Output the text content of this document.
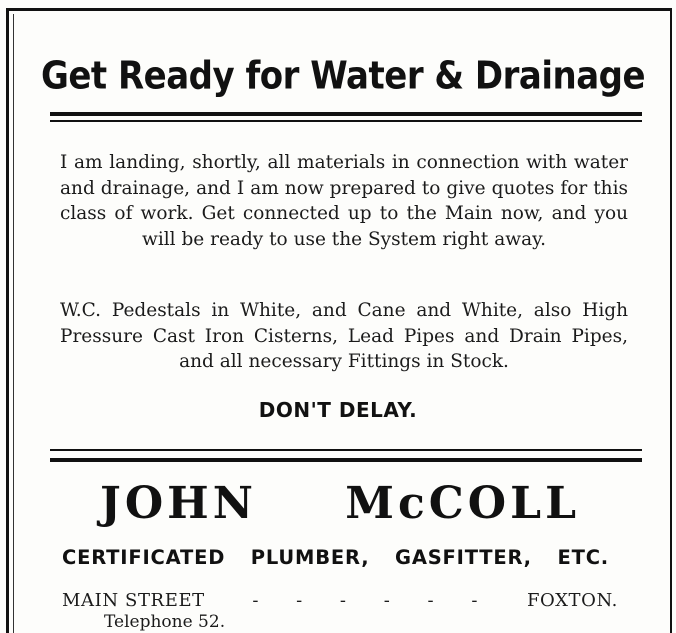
Get Ready for Water & Drainage
I am landing, shortly, all materials in connection with water and drainage, and I am now prepared to give quotes for this class of work. Get connected up to the Main now, and you will be ready to use the System right away.
W.C. Pedestals in White, and Cane and White, also High Pressure Cast Iron Cisterns, Lead Pipes and Drain Pipes, and all necessary Fittings in Stock.
DON'T DELAY.
JOHN McCOLL
CERTIFICATED PLUMBER, GASFITTER, ETC.
MAIN STREET	- - - - - -	FOXTON.
Telephone 52.
